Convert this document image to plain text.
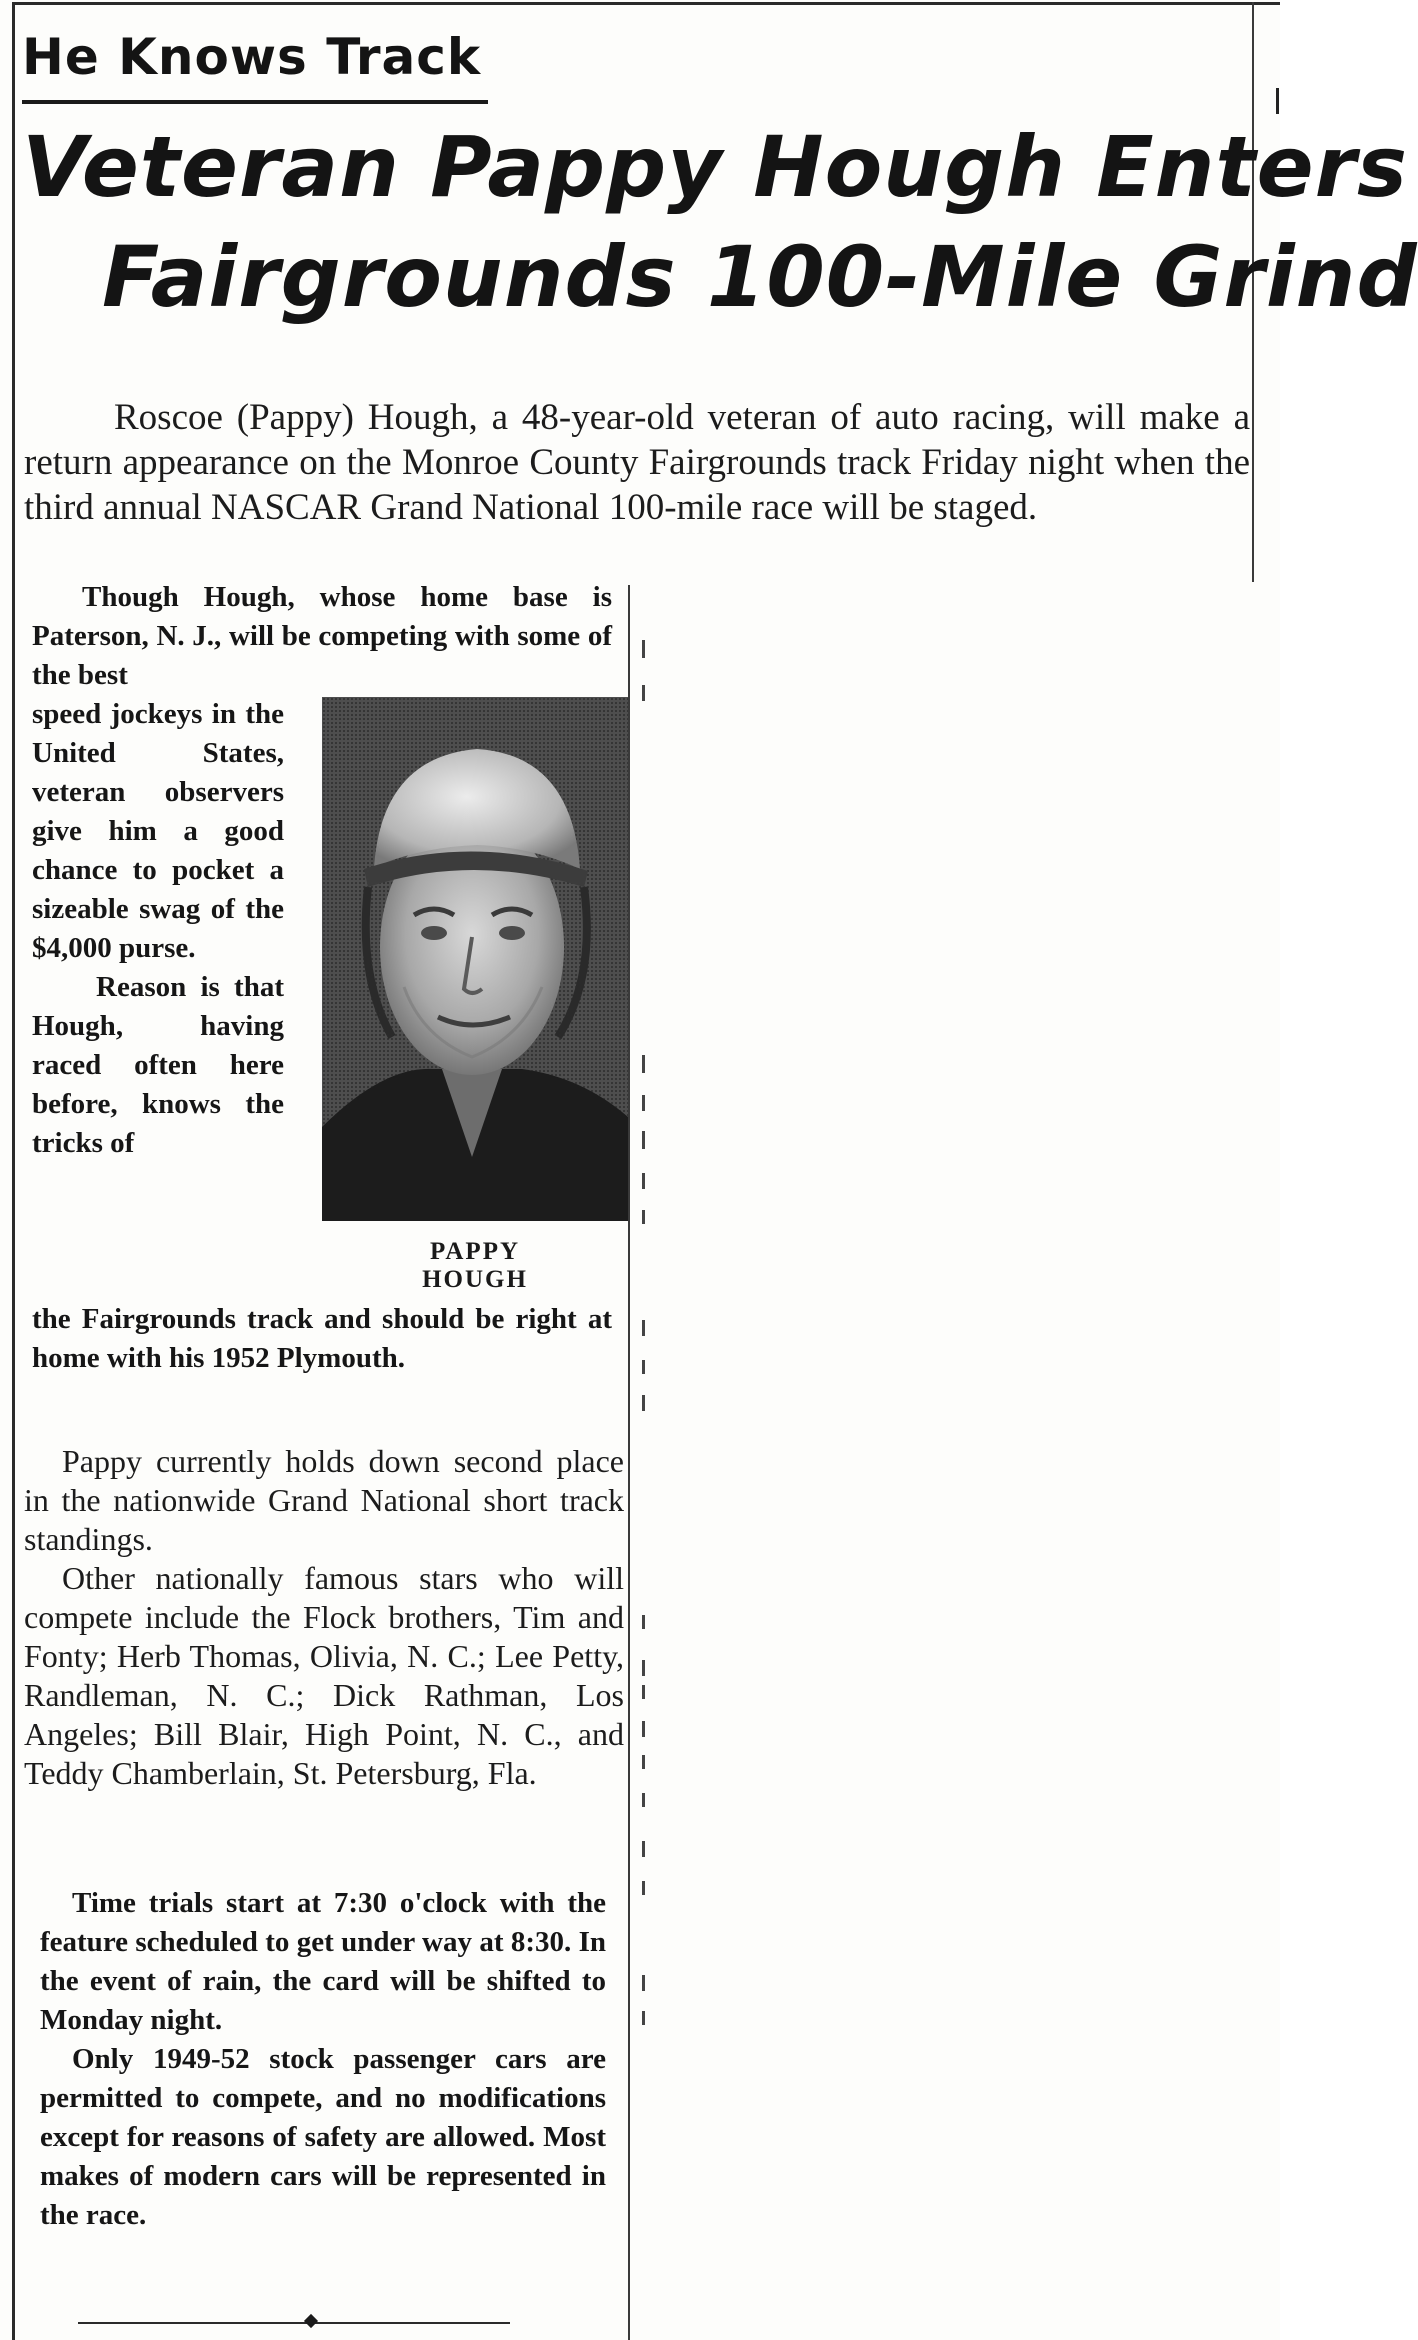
He Knows Track
Veteran Pappy Hough Enters
Fairgrounds 100-Mile Grind
Roscoe (Pappy) Hough, a 48-year-old veteran of auto racing, will make a return appearance on the Monroe County Fairgrounds track Friday night when the third annual NASCAR Grand National 100-mile race will be staged.
Though Hough, whose home base is Paterson, N. J., will be competing with some of the best

speed jockeys in the United States, veteran observers give him a good chance to pocket a sizeable swag of the $4,000 purse.

Reason is that Hough, having raced often here before, knows the tricks of

PAPPY
HOUGH
the Fairgrounds track and should be right at home with his 1952 Plymouth.

Pappy currently holds down second place in the nationwide Grand National short track standings.

Other nationally famous stars who will compete include the Flock brothers, Tim and Fonty; Herb Thomas, Olivia, N. C.; Lee Petty, Randleman, N. C.; Dick Rathman, Los Angeles; Bill Blair, High Point, N. C., and Teddy Chamberlain, St. Petersburg, Fla.

Time trials start at 7:30 o'clock with the feature scheduled to get under way at 8:30. In the event of rain, the card will be shifted to Monday night.

Only 1949-52 stock passenger cars are permitted to compete, and no modifications except for reasons of safety are allowed. Most makes of modern cars will be represented in the race.
